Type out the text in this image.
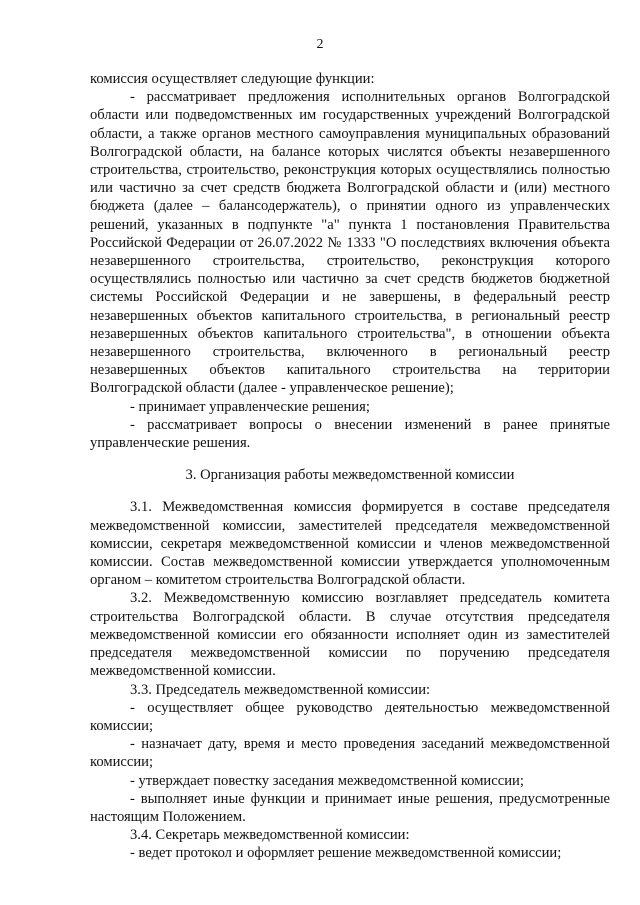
2

комиссия осуществляет следующие функции:

- рассматривает предложения исполнительных органов Волгоградской области или подведомственных им государственных учреждений Волгоградской области, а также органов местного самоуправления муниципальных образований Волгоградской области, на балансе которых числятся объекты незавершенного строительства, строительство, реконструкция которых осуществлялись полностью или частично за счет средств бюджета Волгоградской области и (или) местного бюджета (далее – балансодержатель), о принятии одного из управленческих решений, указанных в подпункте "а" пункта 1 постановления Правительства Российской Федерации от 26.07.2022 № 1333 "О последствиях включения объекта незавершенного строительства, строительство, реконструкция которого осуществлялись полностью или частично за счет средств бюджетов бюджетной системы Российской Федерации и не завершены, в федеральный реестр незавершенных объектов капитального строительства, в региональный реестр незавершенных объектов капитального строительства", в отношении объекта незавершенного строительства, включенного в региональный реестр незавершенных объектов капитального строительства на территории Волгоградской области (далее - управленческое решение);

- принимает управленческие решения;

- рассматривает вопросы о внесении изменений в ранее принятые управленческие решения.

3. Организация работы межведомственной комиссии

3.1. Межведомственная комиссия формируется в составе председателя межведомственной комиссии, заместителей председателя межведомственной комиссии, секретаря межведомственной комиссии и членов межведомственной комиссии. Состав межведомственной комиссии утверждается уполномоченным органом – комитетом строительства Волгоградской области.

3.2. Межведомственную комиссию возглавляет председатель комитета строительства Волгоградской области. В случае отсутствия председателя межведомственной комиссии его обязанности исполняет один из заместителей председателя межведомственной комиссии по поручению председателя межведомственной комиссии.

3.3. Председатель межведомственной комиссии:

- осуществляет общее руководство деятельностью межведомственной комиссии;

- назначает дату, время и место проведения заседаний межведомственной комиссии;

- утверждает повестку заседания межведомственной комиссии;

- выполняет иные функции и принимает иные решения, предусмотренные настоящим Положением.

3.4. Секретарь межведомственной комиссии:

- ведет протокол и оформляет решение межведомственной комиссии;
